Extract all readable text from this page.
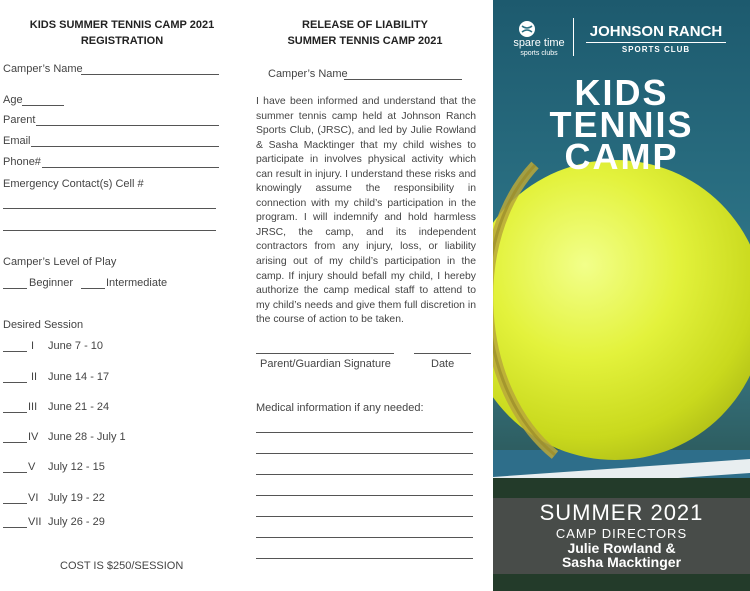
KIDS SUMMER TENNIS CAMP 2021
REGISTRATION
Camper’s Name
Age
Parent
Email
Phone#
Emergency Contact(s) Cell #
Camper’s Level of Play
Beginner	Intermediate
Desired Session
I June 7 - 10
II June 14 - 17
III June 21 - 24
IV June 28 - July 1
V July 12 - 15
VI July 19 - 22
VII July 26 - 29
COST IS $250/SESSION
RELEASE OF LIABILITY
SUMMER TENNIS CAMP 2021
Camper’s Name
I have been informed and understand that the summer tennis camp held at Johnson Ranch Sports Club, (JRSC), and led by Julie Rowland & Sasha Macktinger that my child wishes to participate in involves physical activity which can result in injury. I understand these risks and knowingly assume the responsibility in connection with my child’s participation in the program. I will indemnify and hold harmless JRSC, the camp, and its independent contractors from any injury, loss, or liability arising out of my child’s participation in the camp. If injury should befall my child, I hereby authorize the camp medical staff to attend to my child’s needs and give them full discretion in the course of action to be taken.
Parent/Guardian Signature	Date
Medical information if any needed:
spare time
sports clubs
JOHNSON RANCH
SPORTS CLUB
KIDS
TENNIS
CAMP
SUMMER 2021
CAMP DIRECTORS
Julie Rowland &
Sasha Macktinger
